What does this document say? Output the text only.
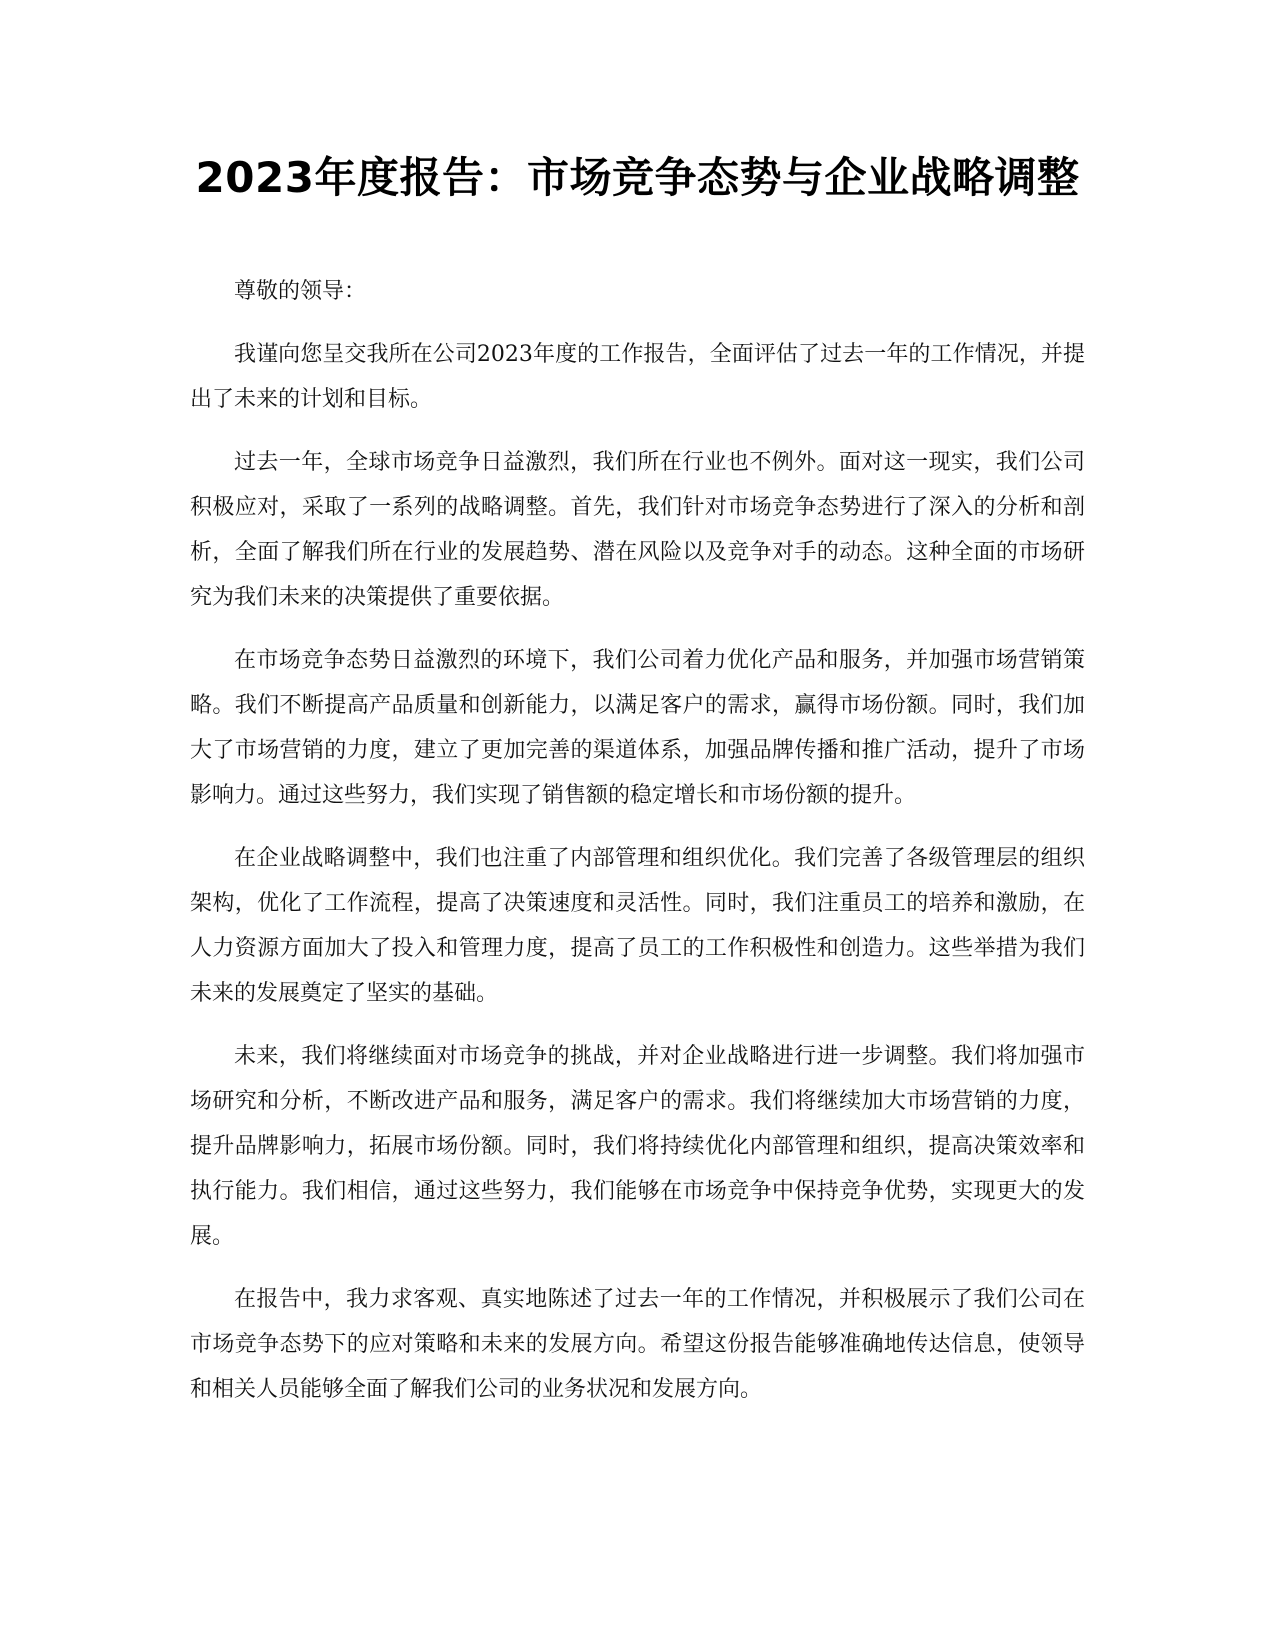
2023年度报告：市场竞争态势与企业战略调整

尊敬的领导：

我谨向您呈交我所在公司2023年度的工作报告，全面评估了过去一年的工作情况，并提出了未来的计划和目标。

过去一年，全球市场竞争日益激烈，我们所在行业也不例外。面对这一现实，我们公司积极应对，采取了一系列的战略调整。首先，我们针对市场竞争态势进行了深入的分析和剖析，全面了解我们所在行业的发展趋势、潜在风险以及竞争对手的动态。这种全面的市场研究为我们未来的决策提供了重要依据。

在市场竞争态势日益激烈的环境下，我们公司着力优化产品和服务，并加强市场营销策略。我们不断提高产品质量和创新能力，以满足客户的需求，赢得市场份额。同时，我们加大了市场营销的力度，建立了更加完善的渠道体系，加强品牌传播和推广活动，提升了市场影响力。通过这些努力，我们实现了销售额的稳定增长和市场份额的提升。

在企业战略调整中，我们也注重了内部管理和组织优化。我们完善了各级管理层的组织架构，优化了工作流程，提高了决策速度和灵活性。同时，我们注重员工的培养和激励，在人力资源方面加大了投入和管理力度，提高了员工的工作积极性和创造力。这些举措为我们未来的发展奠定了坚实的基础。

未来，我们将继续面对市场竞争的挑战，并对企业战略进行进一步调整。我们将加强市场研究和分析，不断改进产品和服务，满足客户的需求。我们将继续加大市场营销的力度，提升品牌影响力，拓展市场份额。同时，我们将持续优化内部管理和组织，提高决策效率和执行能力。我们相信，通过这些努力，我们能够在市场竞争中保持竞争优势，实现更大的发展。

在报告中，我力求客观、真实地陈述了过去一年的工作情况，并积极展示了我们公司在市场竞争态势下的应对策略和未来的发展方向。希望这份报告能够准确地传达信息，使领导和相关人员能够全面了解我们公司的业务状况和发展方向。
